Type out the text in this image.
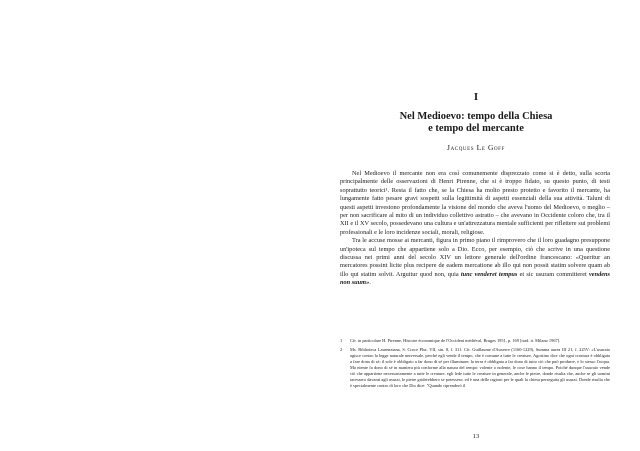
I
Nel Medioevo: tempo della Chiesa
e tempo del mercante
Jacques Le Goff

Nel Medioevo il mercante non era così comunemente disprezzato come si è detto, sulla scorta principalmente delle osservazioni di Henri Pirenne, che si è troppo fidato, su questo punto, di testi soprattutto teorici¹. Resta il fatto che, se la Chiesa ha molto presto protetto e favorito il mercante, ha lungamente fatto pesare gravi sospetti sulla legittimità di aspetti essenziali della sua attività. Taluni di questi aspetti investono profondamente la visione del mondo che aveva l'uomo del Medioevo, o meglio – per non sacrificare al mito di un individuo collettivo astratto – che avevano in Occidente coloro che, tra il XII e il XV secolo, possedevano una cultura e un'attrezzatura mentale sufficienti per riflettere sui problemi professionali e le loro incidenze sociali, morali, religiose.

Tra le accuse mosse ai mercanti, figura in primo piano il rimprovero che il loro guadagno presuppone un'ipoteca sul tempo che appartiene solo a Dio. Ecco, per esempio, ciò che scrive in una questione discussa nei primi anni del secolo XIV un lettore generale dell'ordine francescano: «Queritur an mercatores possint licite plus recipere de eadem mercatione ab illo qui non possit statim solvere quam ab illo qui statim solvit. Arguitur quod non, quia tunc venderet tempus et sic usuram committeret vendens non suum».

1	Cfr. in particolare H. Pirenne, Histoire économique de l'Occident médiéval, Bruges 1951, p. 169 [trad. it. Milano 1967].
2	Ms. Biblioteca Laurenziana, S. Croce Plut. VII, sin. 8, f. 311. Cfr. Guillaume d'Auxerre (1160-1229), Summa aurea III 21, f. 225V: «L'usuraio agisce contro la legge naturale universale, perché egli vende il tempo, che è comune a tutte le creature. Agostino dice che ogni creatura è obbligata a fare dono di sé; il sole è obbligato a far dono di sé per illuminare; la terra è obbligata a far dono di tutto ciò che può produrre, e lo stesso l'acqua. Ma niente fa dono di sé in maniera più conforme alla natura del tempo: volente o nolente, le cose hanno il tempo. Poiché dunque l'usuraio vende ciò che appartiene necessariamente a tutte le creature, egli lede tutte le creature in generale, anche le pietre, donde risulta che, anche se gli uomini tacessero davanti agli usurai, le pietre griderebbero se potessero; ed è una delle ragioni per le quali la chiesa perseguita gli usurai. Donde risulta che è specialmente contro di loro che Dio dice: "Quando riprenderò il
13
